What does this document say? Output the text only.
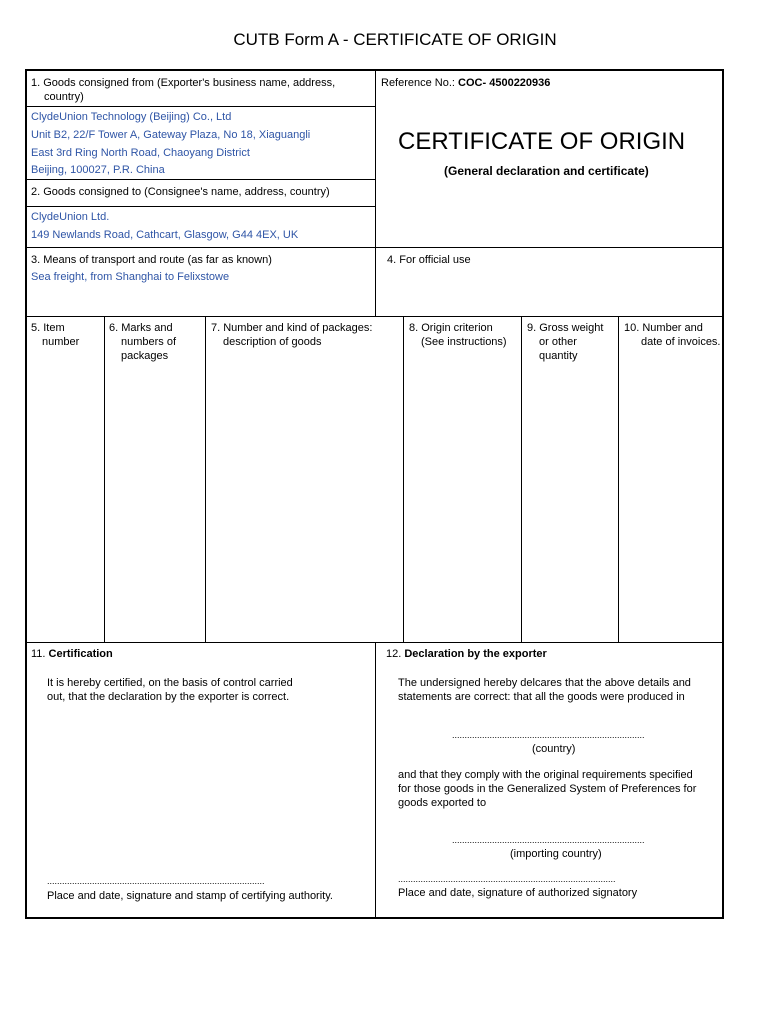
CUTB Form A - CERTIFICATE OF ORIGIN
1. Goods consigned from (Exporter's business name, address,
country)
ClydeUnion Technology (Beijing) Co., Ltd
Unit B2, 22/F Tower A, Gateway Plaza, No 18, Xiaguangli
East 3rd Ring North Road, Chaoyang District
Beijing, 100027, P.R. China
2. Goods consigned to (Consignee's name, address, country)
ClydeUnion Ltd.
149 Newlands Road, Cathcart, Glasgow, G44 4EX, UK
Reference No.: COC- 4500220936
CERTIFICATE OF ORIGIN
(General declaration and certificate)
3. Means of transport and route (as far as known)
Sea freight, from Shanghai to Felixstowe
4. For official use
5. Item
number
6. Marks and
numbers of
packages
7. Number and kind of packages:
description of goods
8. Origin criterion
(See instructions)
9. Gross weight
or other
quantity
10. Number and
date of invoices.
11. Certification
It is hereby certified, on the basis of control carried
out, that the declaration by the exporter is correct.
.......................................................................................
Place and date, signature and stamp of certifying authority.
12. Declaration by the exporter
The undersigned hereby delcares that the above details and
statements are correct: that all the goods were produced in
.............................................................................
(country)
and that they comply with the original requirements specified
for those goods in the Generalized System of Preferences for
goods exported to
.............................................................................
(importing country)
.......................................................................................
Place and date, signature of authorized signatory
